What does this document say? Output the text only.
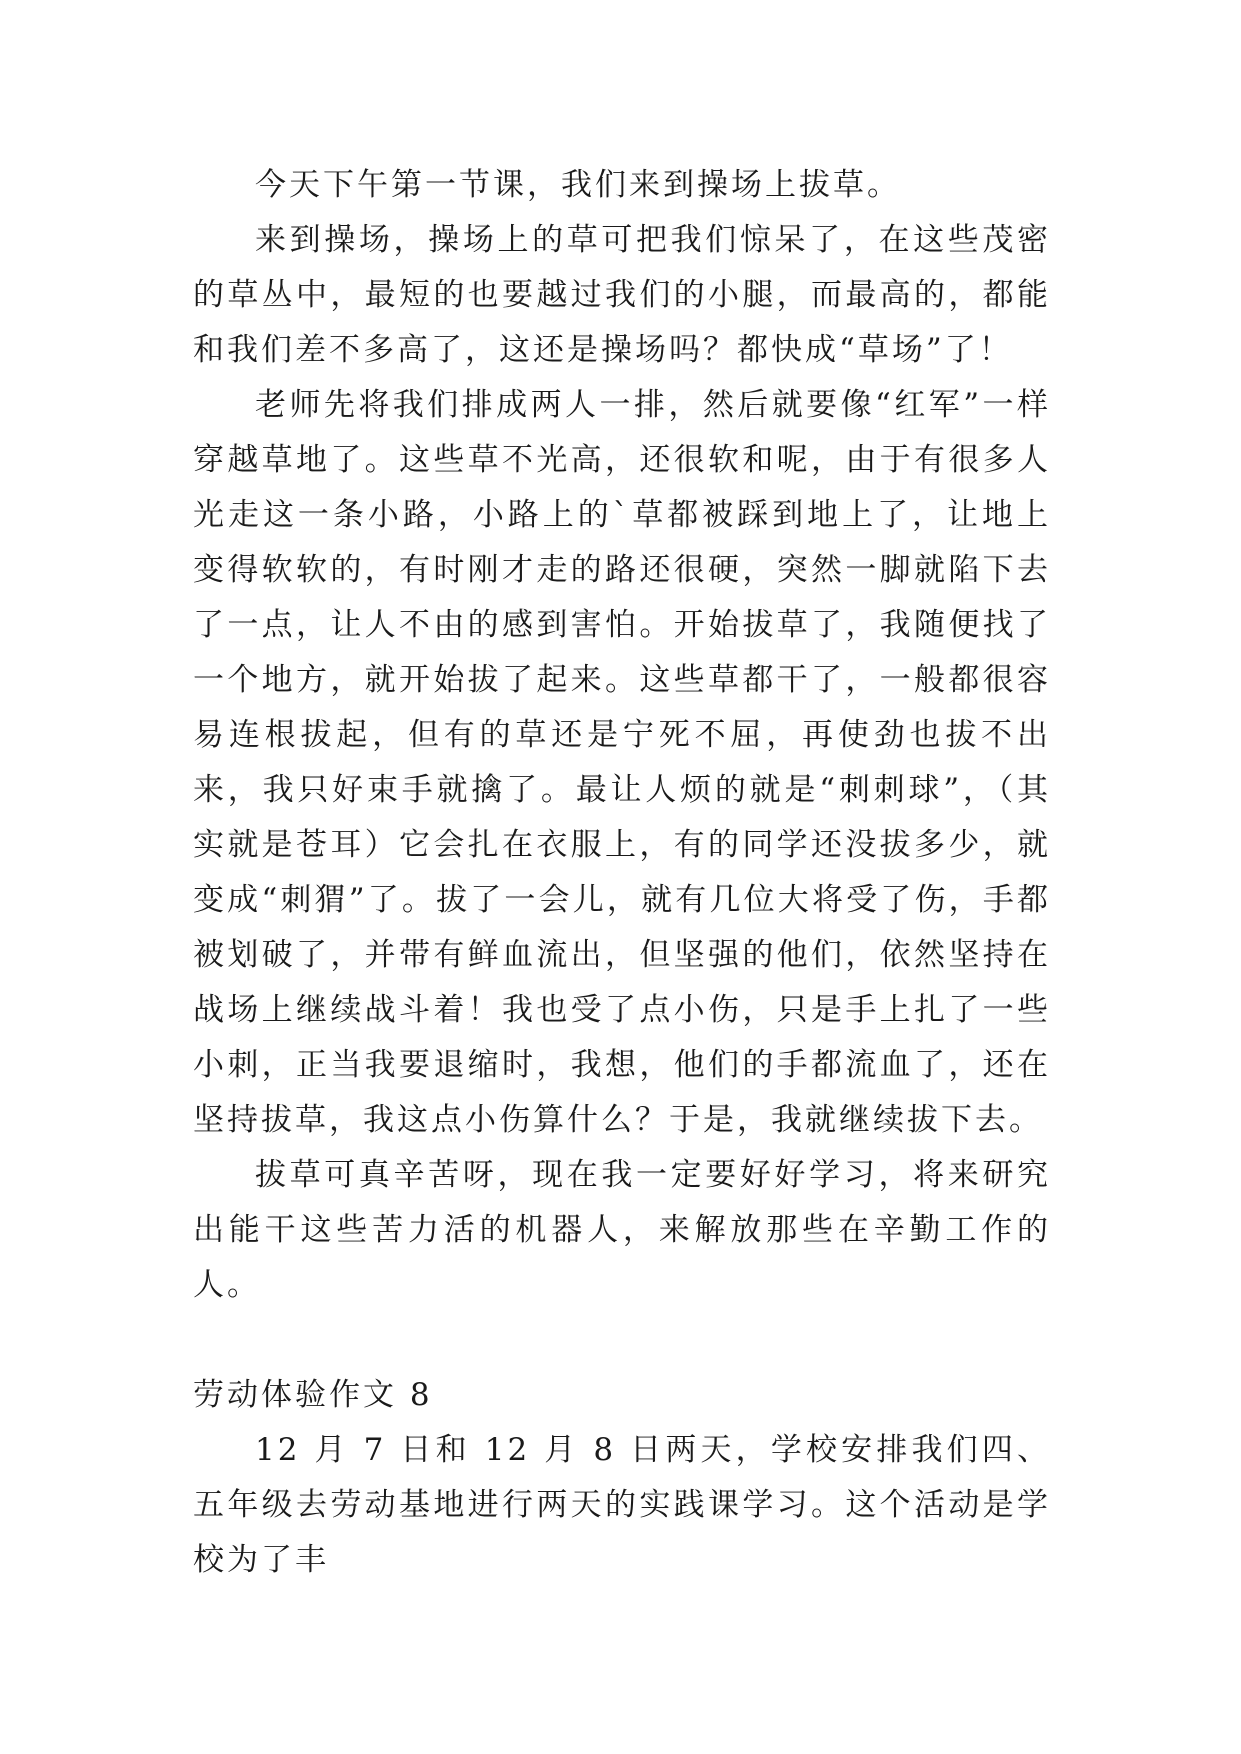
今天下午第一节课，我们来到操场上拔草。

来到操场，操场上的草可把我们惊呆了，在这些茂密的草丛中，最短的也要越过我们的小腿，而最高的，都能和我们差不多高了，这还是操场吗？都快成“草场”了！

老师先将我们排成两人一排，然后就要像“红军”一样穿越草地了。这些草不光高，还很软和呢，由于有很多人光走这一条小路，小路上的`草都被踩到地上了，让地上变得软软的，有时刚才走的路还很硬，突然一脚就陷下去了一点，让人不由的感到害怕。开始拔草了，我随便找了一个地方，就开始拔了起来。这些草都干了，一般都很容易连根拔起，但有的草还是宁死不屈，再使劲也拔不出来，我只好束手就擒了。最让人烦的就是“刺刺球”，（其实就是苍耳）它会扎在衣服上，有的同学还没拔多少，就变成“刺猬”了。拔了一会儿，就有几位大将受了伤，手都被划破了，并带有鲜血流出，但坚强的他们，依然坚持在战场上继续战斗着！我也受了点小伤，只是手上扎了一些小刺，正当我要退缩时，我想，他们的手都流血了，还在坚持拔草，我这点小伤算什么？于是，我就继续拔下去。

拔草可真辛苦呀，现在我一定要好好学习，将来研究出能干这些苦力活的机器人，来解放那些在辛勤工作的人。

劳动体验作文 8

12 月 7 日和 12 月 8 日两天，学校安排我们四、五年级去劳动基地进行两天的实践课学习。这个活动是学校为了丰
